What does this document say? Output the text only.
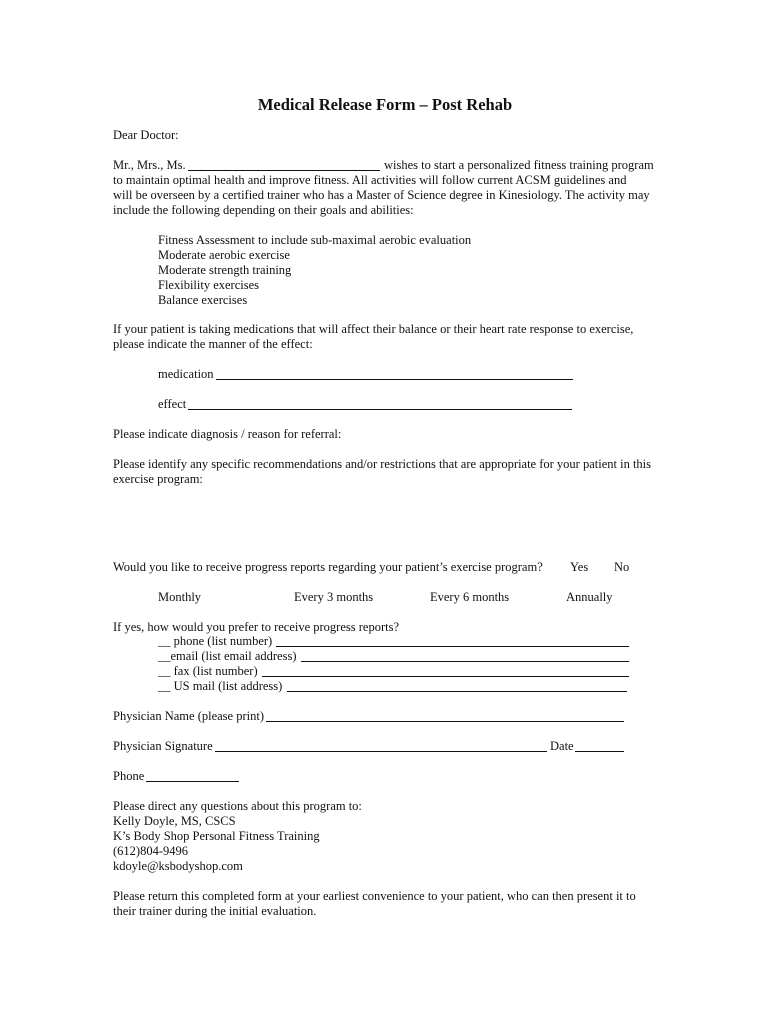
Medical Release Form – Post Rehab
Dear Doctor:
Mr., Mrs., Ms.	wishes to start a personalized fitness training program
to maintain optimal health and improve fitness. All activities will follow current ACSM guidelines and
will be overseen by a certified trainer who has a Master of Science degree in Kinesiology. The activity may
include the following depending on their goals and abilities:
Fitness Assessment to include sub-maximal aerobic evaluation
Moderate aerobic exercise
Moderate strength training
Flexibility exercises
Balance exercises
If your patient is taking medications that will affect their balance or their heart rate response to exercise,
please indicate the manner of the effect:
medication
effect
Please indicate diagnosis / reason for referral:
Please identify any specific recommendations and/or restrictions that are appropriate for your patient in this
exercise program:
Would you like to receive progress reports regarding your patient’s exercise program? Yes No
Monthly	Every 3 months	Every 6 months	Annually
If yes, how would you prefer to receive progress reports?
__ phone (list number)
__email (list email address)
__ fax (list number)
__ US mail (list address)
Physician Name (please print)
Physician Signature	Date
Phone
Please direct any questions about this program to:
Kelly Doyle, MS, CSCS
K’s Body Shop Personal Fitness Training
(612)804-9496
kdoyle@ksbodyshop.com
Please return this completed form at your earliest convenience to your patient, who can then present it to
their trainer during the initial evaluation.
